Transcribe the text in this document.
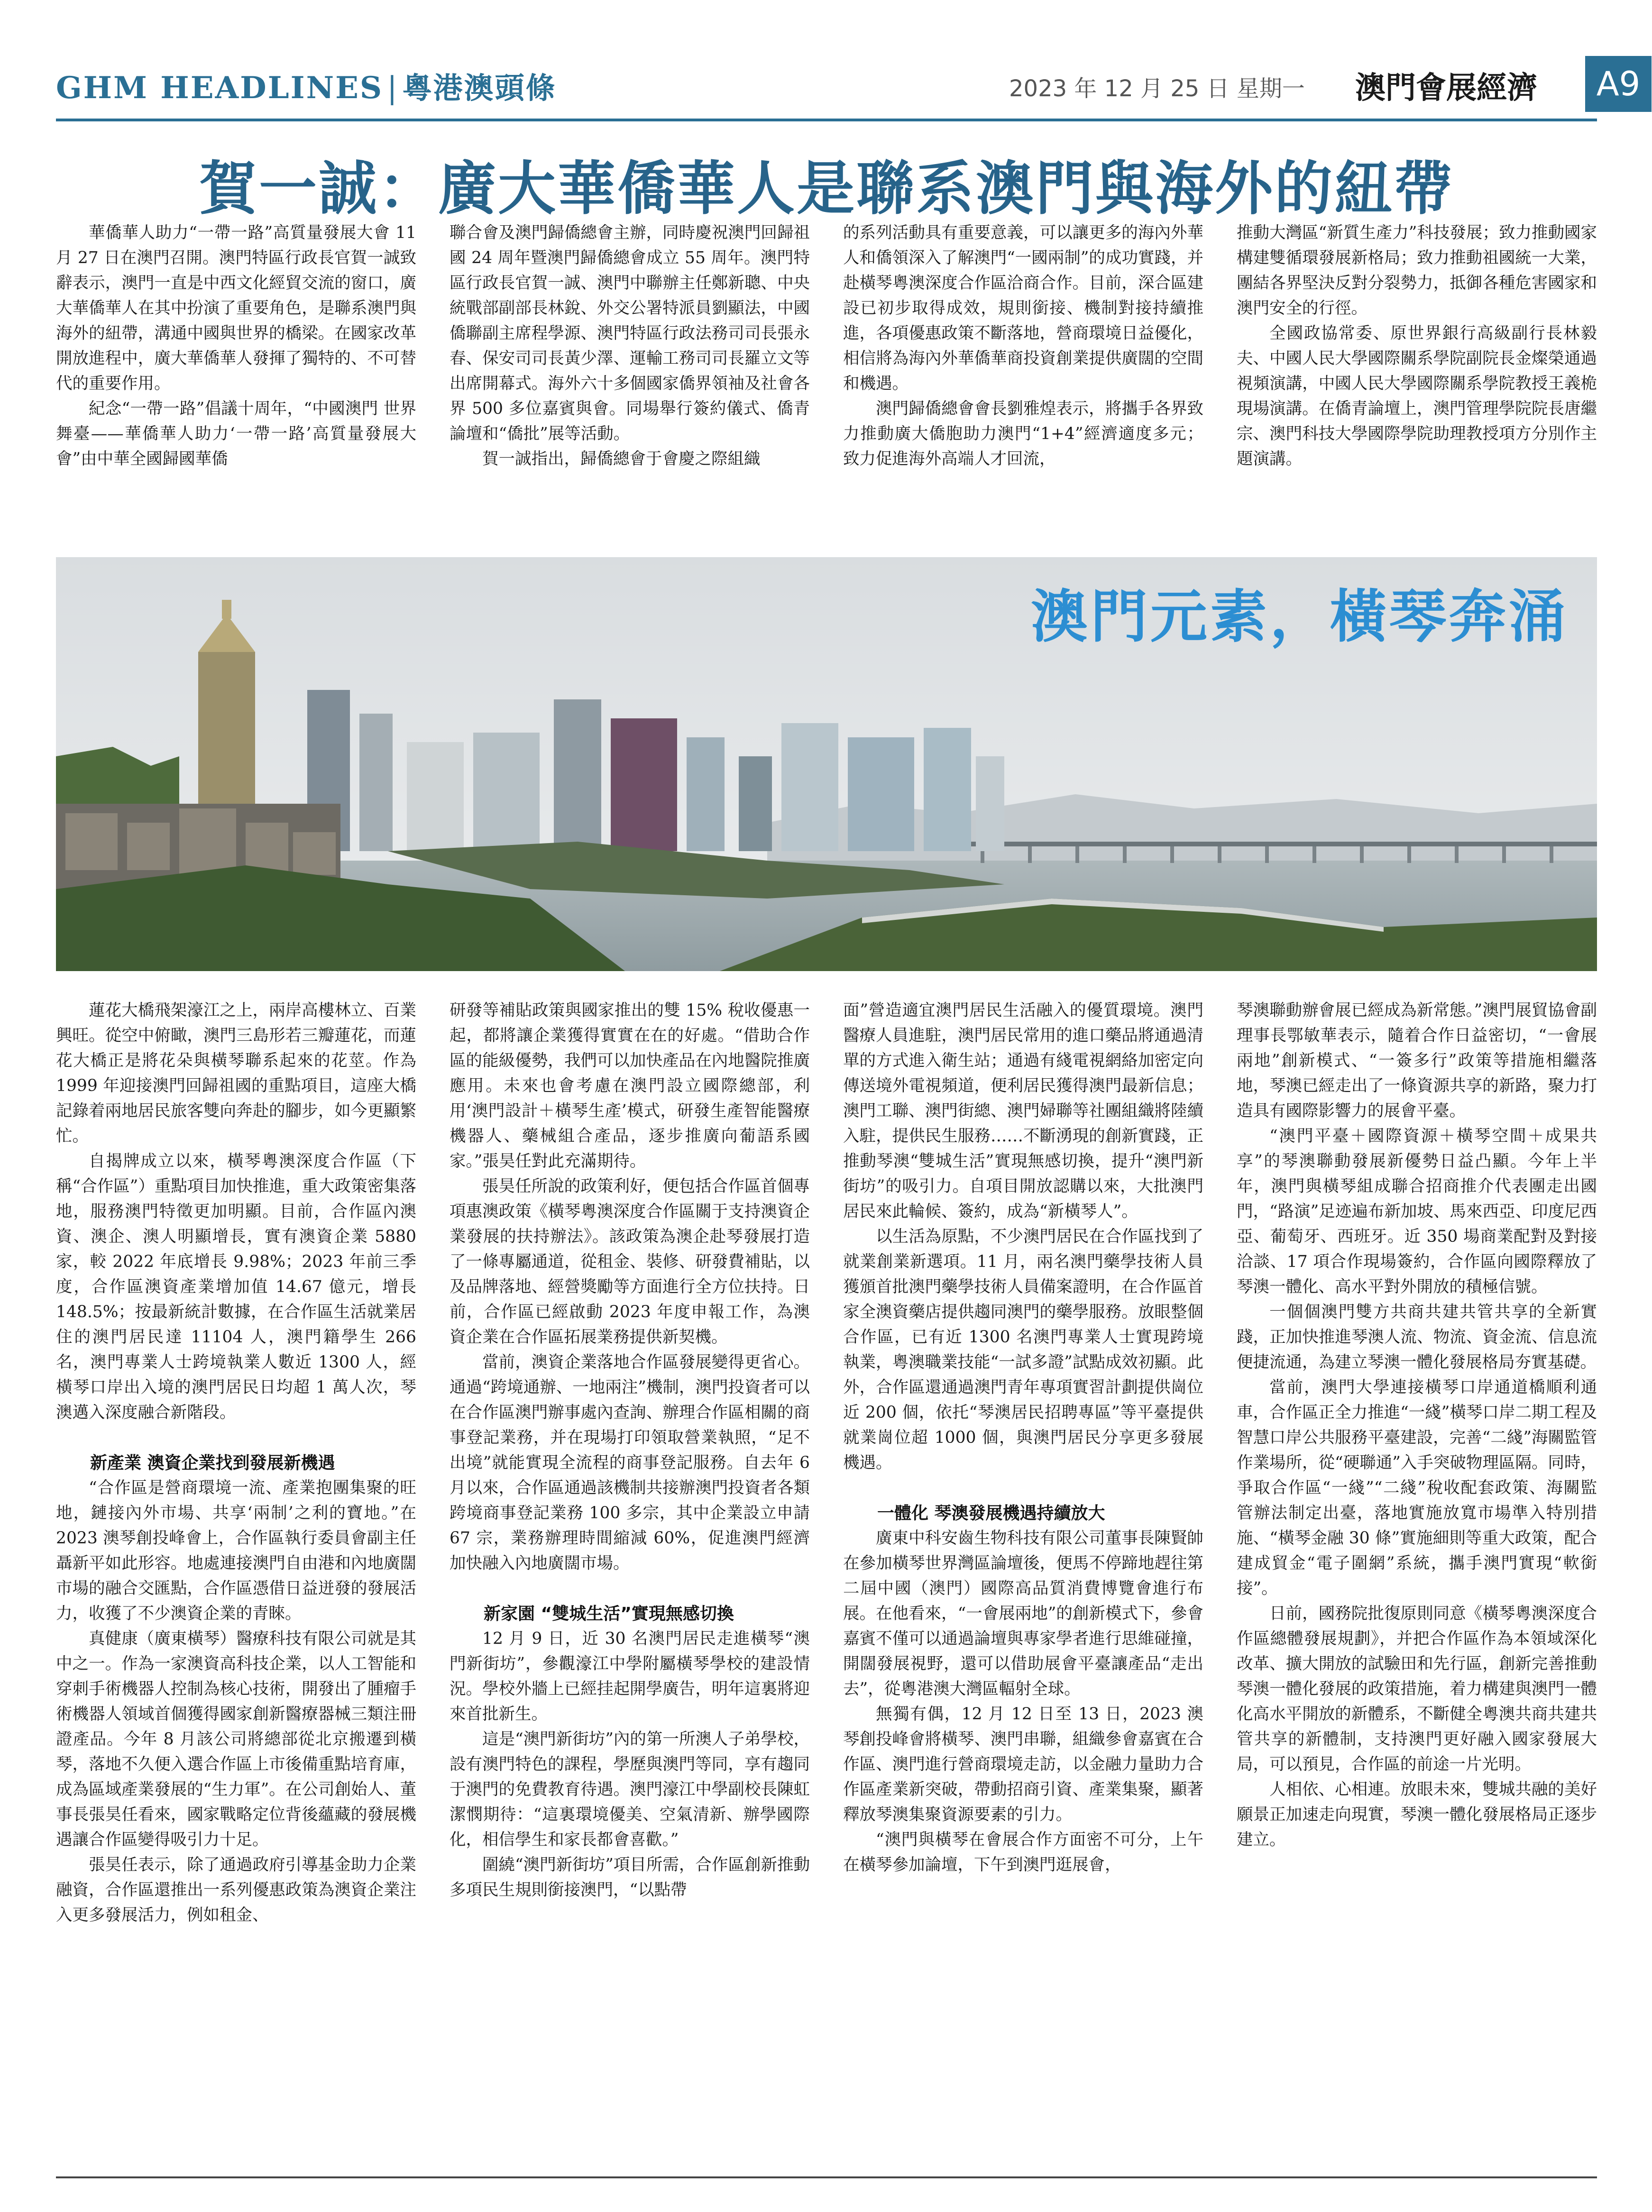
GHM HEADLINES | 粵港澳頭條	2023 年 12 月 25 日 星期一 澳門會展經濟	A9
賀一誠：廣大華僑華人是聯系澳門與海外的紐帶

華僑華人助力“一帶一路”高質量發展大會 11 月 27 日在澳門召開。澳門特區行政長官賀一誠致辭表示，澳門一直是中西文化經貿交流的窗口，廣大華僑華人在其中扮演了重要角色，是聯系澳門與海外的紐帶，溝通中國與世界的橋梁。在國家改革開放進程中，廣大華僑華人發揮了獨特的、不可替代的重要作用。

紀念“一帶一路”倡議十周年，“中國澳門 世界舞臺——華僑華人助力‘一帶一路’高質量發展大會”由中華全國歸國華僑

聯合會及澳門歸僑總會主辦，同時慶祝澳門回歸祖國 24 周年暨澳門歸僑總會成立 55 周年。澳門特區行政長官賀一誠、澳門中聯辦主任鄭新聰、中央統戰部副部長林銳、外交公署特派員劉顯法，中國僑聯副主席程學源、澳門特區行政法務司司長張永春、保安司司長黃少澤、運輸工務司司長羅立文等出席開幕式。海外六十多個國家僑界領袖及社會各界 500 多位嘉賓與會。同場舉行簽約儀式、僑青論壇和“僑批”展等活動。

賀一誠指出，歸僑總會于會慶之際組織

的系列活動具有重要意義，可以讓更多的海內外華人和僑領深入了解澳門“一國兩制”的成功實踐，并赴橫琴粵澳深度合作區洽商合作。目前，深合區建設已初步取得成效，規則銜接、機制對接持續推進，各項優惠政策不斷落地，營商環境日益優化，相信將為海內外華僑華商投資創業提供廣闊的空間和機遇。

澳門歸僑總會會長劉雅煌表示，將攜手各界致力推動廣大僑胞助力澳門“1+4”經濟適度多元；致力促進海外高端人才回流，

推動大灣區“新質生產力”科技發展；致力推動國家構建雙循環發展新格局；致力推動祖國統一大業，團結各界堅決反對分裂勢力，抵御各種危害國家和澳門安全的行徑。

全國政協常委、原世界銀行高級副行長林毅夫、中國人民大學國際關系學院副院長金燦榮通過視頻演講，中國人民大學國際關系學院教授王義桅現場演講。在僑青論壇上，澳門管理學院院長唐繼宗、澳門科技大學國際學院助理教授項方分別作主題演講。

澳門元素，橫琴奔涌

蓮花大橋飛架濠江之上，兩岸高樓林立、百業興旺。從空中俯瞰，澳門三島形若三瓣蓮花，而蓮花大橋正是將花朵與橫琴聯系起來的花莖。作為 1999 年迎接澳門回歸祖國的重點項目，這座大橋記錄着兩地居民旅客雙向奔赴的腳步，如今更顯繁忙。

自揭牌成立以來，橫琴粵澳深度合作區（下稱“合作區”）重點項目加快推進，重大政策密集落地，服務澳門特徵更加明顯。目前，合作區內澳資、澳企、澳人明顯增長，實有澳資企業 5880 家，較 2022 年底增長 9.98%；2023 年前三季度，合作區澳資產業增加值 14.67 億元，增長 148.5%；按最新統計數據，在合作區生活就業居住的澳門居民達 11104 人，澳門籍學生 266 名，澳門專業人士跨境執業人數近 1300 人，經橫琴口岸出入境的澳門居民日均超 1 萬人次，琴澳邁入深度融合新階段。

新產業 澳資企業找到發展新機遇

“合作區是營商環境一流、產業抱團集聚的旺地，鏈接內外市場、共享‘兩制’之利的寶地。”在 2023 澳琴創投峰會上，合作區執行委員會副主任聶新平如此形容。地處連接澳門自由港和內地廣闊市場的融合交匯點，合作區憑借日益迸發的發展活力，收獲了不少澳資企業的青睞。

真健康（廣東橫琴）醫療科技有限公司就是其中之一。作為一家澳資高科技企業，以人工智能和穿刺手術機器人控制為核心技術，開發出了腫瘤手術機器人領域首個獲得國家創新醫療器械三類注冊證產品。今年 8 月該公司將總部從北京搬遷到橫琴，落地不久便入選合作區上市後備重點培育庫，成為區域產業發展的“生力軍”。在公司創始人、董事長張昊任看來，國家戰略定位背後蘊藏的發展機遇讓合作區變得吸引力十足。

張昊任表示，除了通過政府引導基金助力企業融資，合作區還推出一系列優惠政策為澳資企業注入更多發展活力，例如租金、

研發等補貼政策與國家推出的雙 15% 稅收優惠一起，都將讓企業獲得實實在在的好處。“借助合作區的能級優勢，我們可以加快產品在內地醫院推廣應用。未來也會考慮在澳門設立國際總部，利用‘澳門設計＋橫琴生產’模式，研發生產智能醫療機器人、藥械組合產品，逐步推廣向葡語系國家。”張昊任對此充滿期待。

張昊任所說的政策利好，便包括合作區首個專項惠澳政策《橫琴粵澳深度合作區關于支持澳資企業發展的扶持辦法》。該政策為澳企赴琴發展打造了一條專屬通道，從租金、裝修、研發費補貼，以及品牌落地、經營獎勵等方面進行全方位扶持。日前，合作區已經啟動 2023 年度申報工作，為澳資企業在合作區拓展業務提供新契機。

當前，澳資企業落地合作區發展變得更省心。通過“跨境通辦、一地兩注”機制，澳門投資者可以在合作區澳門辦事處內查詢、辦理合作區相關的商事登記業務，并在現場打印領取營業執照，“足不出境”就能實現全流程的商事登記服務。自去年 6 月以來，合作區通過該機制共接辦澳門投資者各類跨境商事登記業務 100 多宗，其中企業設立申請 67 宗，業務辦理時間縮減 60%，促進澳門經濟加快融入內地廣闊市場。

新家園 “雙城生活”實現無感切換

12 月 9 日，近 30 名澳門居民走進橫琴“澳門新街坊”，參觀濠江中學附屬橫琴學校的建設情況。學校外牆上已經挂起開學廣告，明年這裏將迎來首批新生。

這是“澳門新街坊”內的第一所澳人子弟學校，設有澳門特色的課程，學歷與澳門等同，享有趨同于澳門的免費教育待遇。澳門濠江中學副校長陳虹潔憫期待：“這裏環境優美、空氣清新、辦學國際化，相信學生和家長都會喜歡。”

圍繞“澳門新街坊”項目所需，合作區創新推動多項民生規則銜接澳門，“以點帶

面”營造適宜澳門居民生活融入的優質環境。澳門醫療人員進駐，澳門居民常用的進口藥品將通過清單的方式進入衛生站；通過有綫電視網絡加密定向傳送境外電視頻道，便利居民獲得澳門最新信息；澳門工聯、澳門街總、澳門婦聯等社團組織將陸續入駐，提供民生服務……不斷湧現的創新實踐，正推動琴澳“雙城生活”實現無感切換，提升“澳門新街坊”的吸引力。自項目開放認購以來，大批澳門居民來此輪候、簽約，成為“新橫琴人”。

以生活為原點，不少澳門居民在合作區找到了就業創業新選項。11 月，兩名澳門藥學技術人員獲頒首批澳門藥學技術人員備案證明，在合作區首家全澳資藥店提供趨同澳門的藥學服務。放眼整個合作區，已有近 1300 名澳門專業人士實現跨境執業，粵澳職業技能“一試多證”試點成效初顯。此外，合作區還通過澳門青年專項實習計劃提供崗位近 200 個，依托“琴澳居民招聘專區”等平臺提供就業崗位超 1000 個，與澳門居民分享更多發展機遇。

一體化 琴澳發展機遇持續放大

廣東中科安齒生物科技有限公司董事長陳賢帥在參加橫琴世界灣區論壇後，便馬不停蹄地趕往第二屆中國（澳門）國際高品質消費博覽會進行布展。在他看來，“一會展兩地”的創新模式下，參會嘉賓不僅可以通過論壇與專家學者進行思維碰撞，開闊發展視野，還可以借助展會平臺讓產品“走出去”，從粵港澳大灣區輻射全球。

無獨有偶，12 月 12 日至 13 日，2023 澳琴創投峰會將橫琴、澳門串聯，組織參會嘉賓在合作區、澳門進行營商環境走訪，以金融力量助力合作區產業新突破，帶動招商引資、產業集聚，顯著釋放琴澳集聚資源要素的引力。

“澳門與橫琴在會展合作方面密不可分，上午在橫琴參加論壇，下午到澳門逛展會，

琴澳聯動辦會展已經成為新常態。”澳門展貿協會副理事長鄂敏華表示，隨着合作日益密切，“一會展兩地”創新模式、“一簽多行”政策等措施相繼落地，琴澳已經走出了一條資源共享的新路，聚力打造具有國際影響力的展會平臺。

“澳門平臺＋國際資源＋橫琴空間＋成果共享”的琴澳聯動發展新優勢日益凸顯。今年上半年，澳門與橫琴組成聯合招商推介代表團走出國門，“路演”足迹遍布新加坡、馬來西亞、印度尼西亞、葡萄牙、西班牙。近 350 場商業配對及對接洽談、17 項合作現場簽約，合作區向國際釋放了琴澳一體化、高水平對外開放的積極信號。

一個個澳門雙方共商共建共管共享的全新實踐，正加快推進琴澳人流、物流、資金流、信息流便捷流通，為建立琴澳一體化發展格局夯實基礎。

當前，澳門大學連接橫琴口岸通道橋順利通車，合作區正全力推進“一綫”橫琴口岸二期工程及智慧口岸公共服務平臺建設，完善“二綫”海關監管作業場所，從“硬聯通”入手突破物理區隔。同時，爭取合作區“一綫”“二綫”稅收配套政策、海關監管辦法制定出臺，落地實施放寬市場準入特別措施、“橫琴金融 30 條”實施細則等重大政策，配合建成貿金“電子圍網”系統，攜手澳門實現“軟銜接”。

日前，國務院批復原則同意《橫琴粵澳深度合作區總體發展規劃》，并把合作區作為本領域深化改革、擴大開放的試驗田和先行區，創新完善推動琴澳一體化發展的政策措施，着力構建與澳門一體化高水平開放的新體系，不斷健全粵澳共商共建共管共享的新體制，支持澳門更好融入國家發展大局，可以預見，合作區的前途一片光明。

人相依、心相連。放眼未來，雙城共融的美好願景正加速走向現實，琴澳一體化發展格局正逐步建立。
